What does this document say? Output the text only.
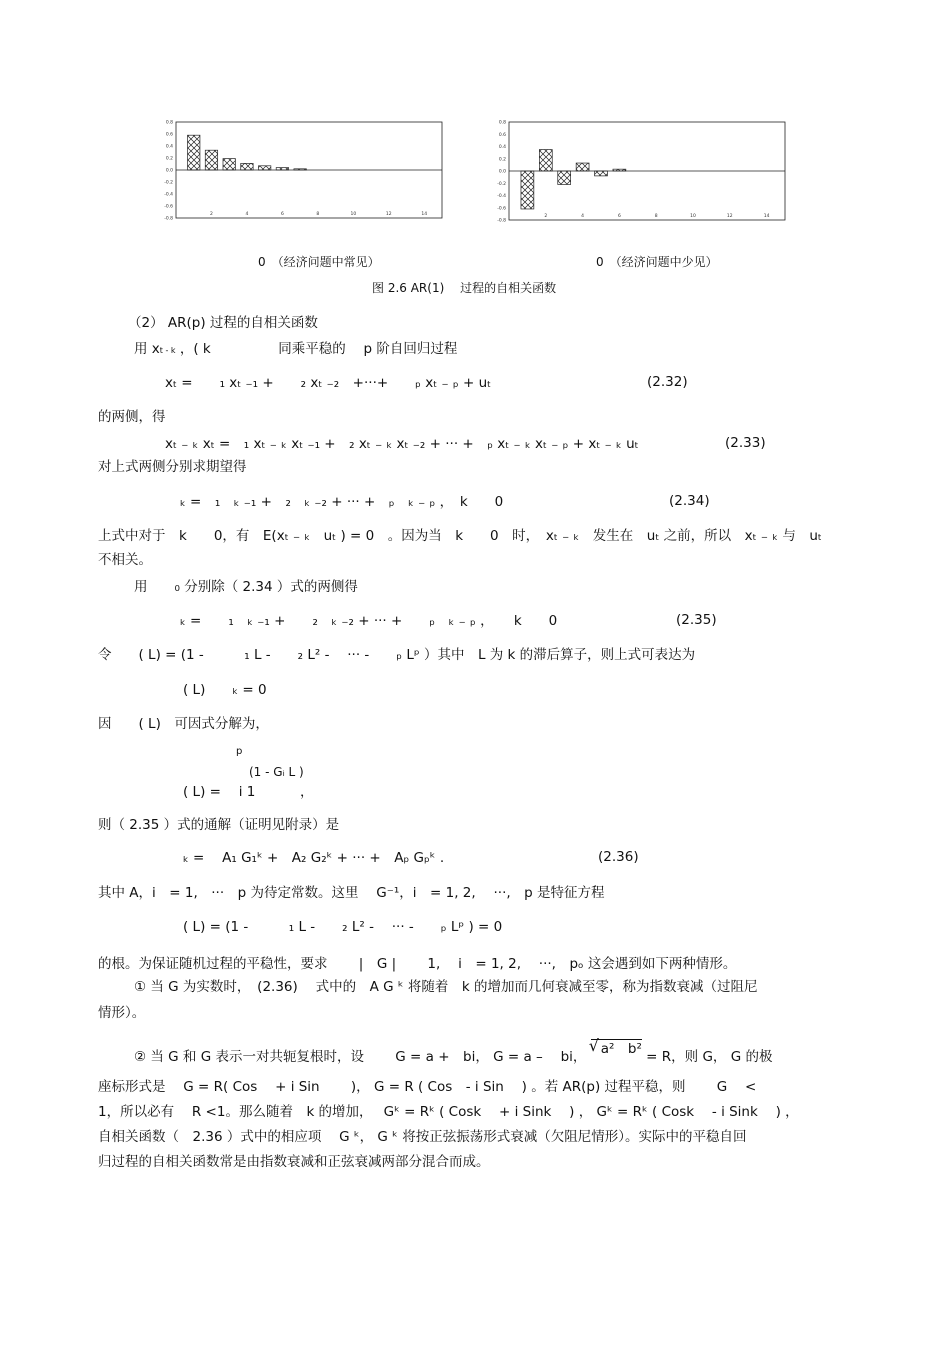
0.8
0.6
0.4
0.2
0.0
-0.2
-0.4
-0.6
-0.8
2	4	6	8	10	12	14
0.8
0.6
0.4
0.2
0.0
-0.2
-0.4
-0.6
-0.8
2	4	6	8	10	12	14
0　（经济问题中常见）	0　（经济问题中少见）
图 2.6 AR(1)　 过程的自相关函数
（2） AR(p) 过程的自相关函数
用 xt - k ，( k　　　　　同乘平稳的　 p 阶自回归过程
xₜ =　　₁ xₜ ₋₁ +　　₂ xₜ ₋₂　+···+　　ₚ xₜ ₋ ₚ + uₜ	(2.32)
的两侧，得
xₜ ₋ ₖ xₜ =　₁ xₜ ₋ ₖ xₜ ₋₁ +　₂ xₜ ₋ ₖ xₜ ₋₂ + ··· +　ₚ xₜ ₋ ₖ xₜ ₋ ₚ + xₜ ₋ ₖ uₜ	(2.33)
对上式两侧分别求期望得
ₖ =　₁　ₖ ₋₁ +　₂　ₖ ₋₂ + ··· +　ₚ　ₖ ₋ ₚ ，　k　　0	(2.34)
上式中对于　k　　0，有　E(xₜ ₋ ₖ　uₜ ) = 0　。因为当　k　　0　时，　xₜ ₋ ₖ　发生在　uₜ 之前，所以　xₜ ₋ ₖ 与　uₜ
不相关。
用　　₀ 分别除（ 2.34 ）式的两侧得
ₖ =　　₁　ₖ ₋₁ +　　₂　ₖ ₋₂ + ··· +　　ₚ　ₖ ₋ ₚ ，　　k　　0	(2.35)
令　　( L) = (1 -　　　₁ L -　　₂ L² -　 ··· -　　ₚ Lᵖ ）其中　L 为 k 的滞后算子，则上式可表达为
( L)　　ₖ = 0
因　　( L)　可因式分解为，
p
(1 - Gᵢ L )
( L) =　 i 1	，
则（ 2.35 ）式的通解（证明见附录）是
ₖ =　 A₁ G₁ᵏ +　A₂ G₂ᵏ + ··· +　Aₚ Gₚᵏ .	(2.36)
其中 A，i　= 1,　···　p 为待定常数。这里　 G⁻¹，i　= 1, 2,　 ···,　p 是特征方程
( L) = (1 -　　　₁ L -　　₂ L² -　 ··· -　　ₚ Lᵖ ) = 0
的根。为保证随机过程的平稳性，要求　　 |　G |　　 1,　 i　= 1, 2,　 ···,　pₒ 这会遇到如下两种情形。
① 当 G 为实数时，　(2.36)　 式中的　A G ᵏ 将随着　k 的增加而几何衰减至零，称为指数衰减（过阻尼
情形）。
② 当 G 和 G 表示一对共轭复根时，设　　 G = a +　bi， G = a –　 bi，
√ a²　b² = R，则 G， G 的极
座标形式是　 G = R( Cos　 + i Sin　　 )， G = R ( Cos　- i Sin　 ) 。若 AR(p) 过程平稳，则　　 G　 <
1，所以必有　 R <1。那么随着　k 的增加，　 Gᵏ = Rᵏ ( Cosk　 + i Sink　 ) ， Gᵏ = Rᵏ ( Cosk　 - i Sink　 ) ，
自相关函数（　2.36 ）式中的相应项　 G ᵏ， G ᵏ 将按正弦振荡形式衰减（欠阻尼情形）。实际中的平稳自回
归过程的自相关函数常是由指数衰减和正弦衰减两部分混合而成。
